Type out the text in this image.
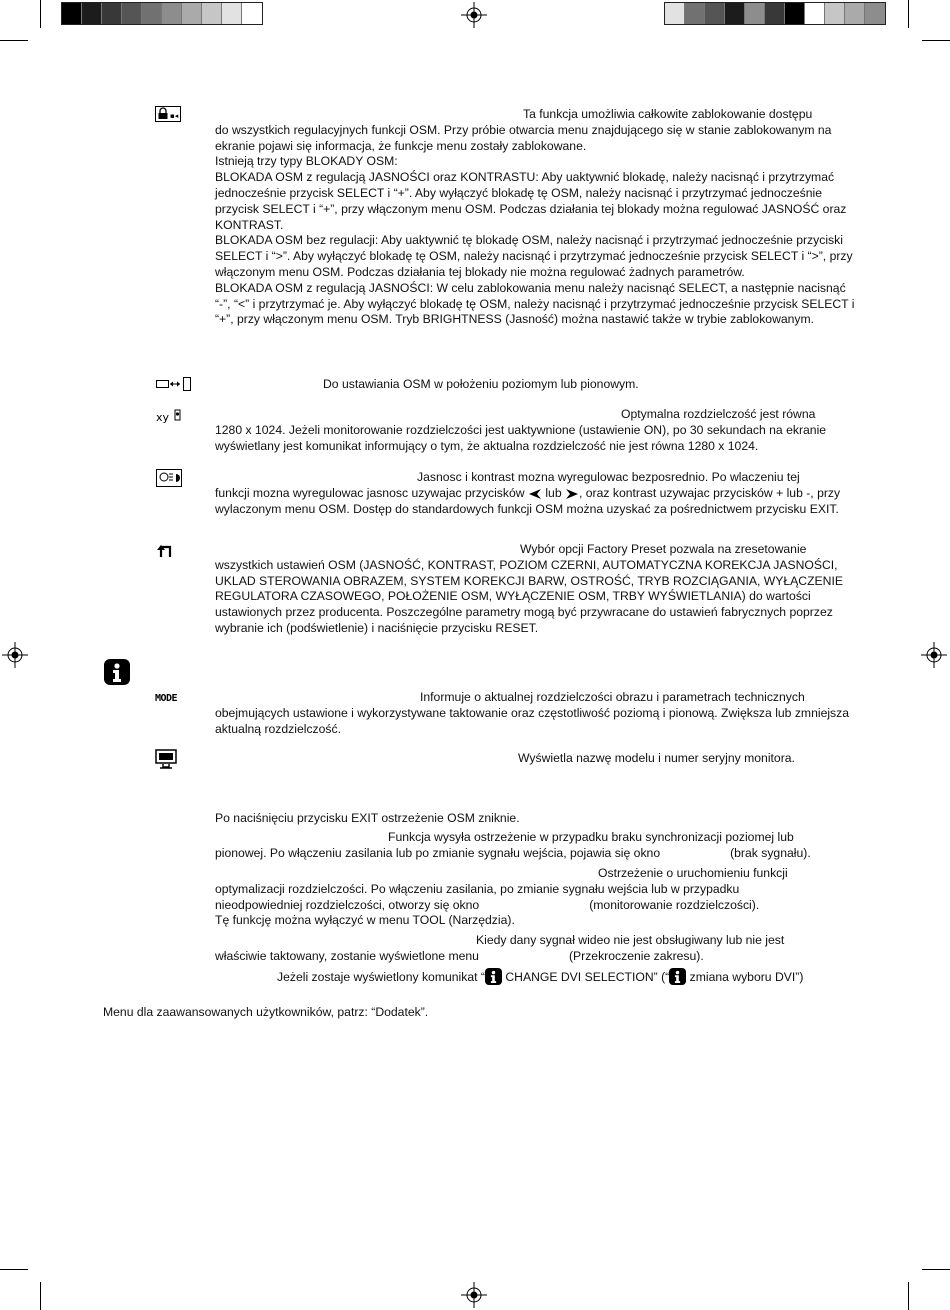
▪◂	Ta funkcja umożliwia całkowite zablokowanie dostępu
do wszystkich regulacyjnych funkcji OSM. Przy próbie otwarcia menu znajdującego się w stanie zablokowanym na ekranie pojawi się informacja, że funkcje menu zostały zablokowane.
Istnieją trzy typy BLOKADY OSM:
BLOKADA OSM z regulacją JASNOŚCI oraz KONTRASTU: Aby uaktywnić blokadę, należy nacisnąć i przytrzymać jednocześnie przycisk SELECT i “+”. Aby wyłączyć blokadę tę OSM, należy nacisnąć i przytrzymać jednocześnie przycisk SELECT i “+”, przy włączonym menu OSM. Podczas działania tej blokady można regulować JASNOŚĆ oraz KONTRAST.
BLOKADA OSM bez regulacji: Aby uaktywnić tę blokadę OSM, należy nacisnąć i przytrzymać jednocześnie przyciski SELECT i “>”. Aby wyłączyć blokadę tę OSM, należy nacisnąć i przytrzymać jednocześnie przycisk SELECT i “>”, przy włączonym menu OSM. Podczas działania tej blokady nie można regulować żadnych parametrów.
BLOKADA OSM z regulacją JASNOŚCI: W celu zablokowania menu należy nacisnąć SELECT, a następnie nacisnąć “-”, “<” i przytrzymać je. Aby wyłączyć blokadę tę OSM, należy nacisnąć i przytrzymać jednocześnie przycisk SELECT i “+”, przy włączonym menu OSM. Tryb BRIGHTNESS (Jasność) można nastawić także w trybie zablokowanym.

Do ustawiania OSM w położeniu poziomym lub pionowym.

xy	Optymalna rozdzielczość jest równa
1280 x 1024. Jeżeli monitorowanie rozdzielczości jest uaktywnione (ustawienie ON), po 30 sekundach na ekranie wyświetlany jest komunikat informujący o tym, że aktualna rozdzielczość nie jest równa 1280 x 1024.

Jasnosc i kontrast mozna wyregulowac bezposrednio. Po wlaczeniu tej
funkcji mozna wyregulowac jasnosc uzywajac przycisków lub , oraz kontrast uzywajac przycisków + lub -, przy wylaczonym menu OSM. Dostęp do standardowych funkcji OSM można uzyskać za pośrednictwem przycisku EXIT.

Wybór opcji Factory Preset pozwala na zresetowanie
wszystkich ustawień OSM (JASNOŚĆ, KONTRAST, POZIOM CZERNI, AUTOMATYCZNA KOREKCJA JASNOŚCI, UKLAD STEROWANIA OBRAZEM, SYSTEM KOREKCJI BARW, OSTROŚĆ, TRYB ROZCIĄGANIA, WYŁĄCZENIE REGULATORA CZASOWEGO, POŁOŻENIE OSM, WYŁĄCZENIE OSM, TRBY WYŚWIETLANIA) do wartości ustawionych przez producenta. Poszczególne parametry mogą być przywracane do ustawień fabrycznych poprzez wybranie ich (podświetlenie) i naciśnięcie przycisku RESET.

MODE	Informuje o aktualnej rozdzielczości obrazu i parametrach technicznych
obejmujących ustawione i wykorzystywane taktowanie oraz częstotliwość poziomą i pionową. Zwiększa lub zmniejsza aktualną rozdzielczość.

Wyświetla nazwę modelu i numer seryjny monitora.

Po naciśnięciu przycisku EXIT ostrzeżenie OSM zniknie.

Funkcja wysyła ostrzeżenie w przypadku braku synchronizacji poziomej lub
pionowej. Po włączeniu zasilania lub po zmianie sygnału wejścia, pojawia się okno	(brak sygnału).

Ostrzeżenie o uruchomieniu funkcji
optymalizacji rozdzielczości. Po włączeniu zasilania, po zmianie sygnału wejścia lub w przypadku
nieodpowiedniej rozdzielczości, otworzy się okno	(monitorowanie rozdzielczości).
Tę funkcję można wyłączyć w menu TOOL (Narzędzia).

Kiedy dany sygnał wideo nie jest obsługiwany lub nie jest
właściwie taktowany, zostanie wyświetlone menu	(Przekroczenie zakresu).

Jeżeli zostaje wyświetlony komunikat “ CHANGE DVI SELECTION” (“ zmiana wyboru DVI”)

Menu dla zaawansowanych użytkowników, patrz: “Dodatek”.
